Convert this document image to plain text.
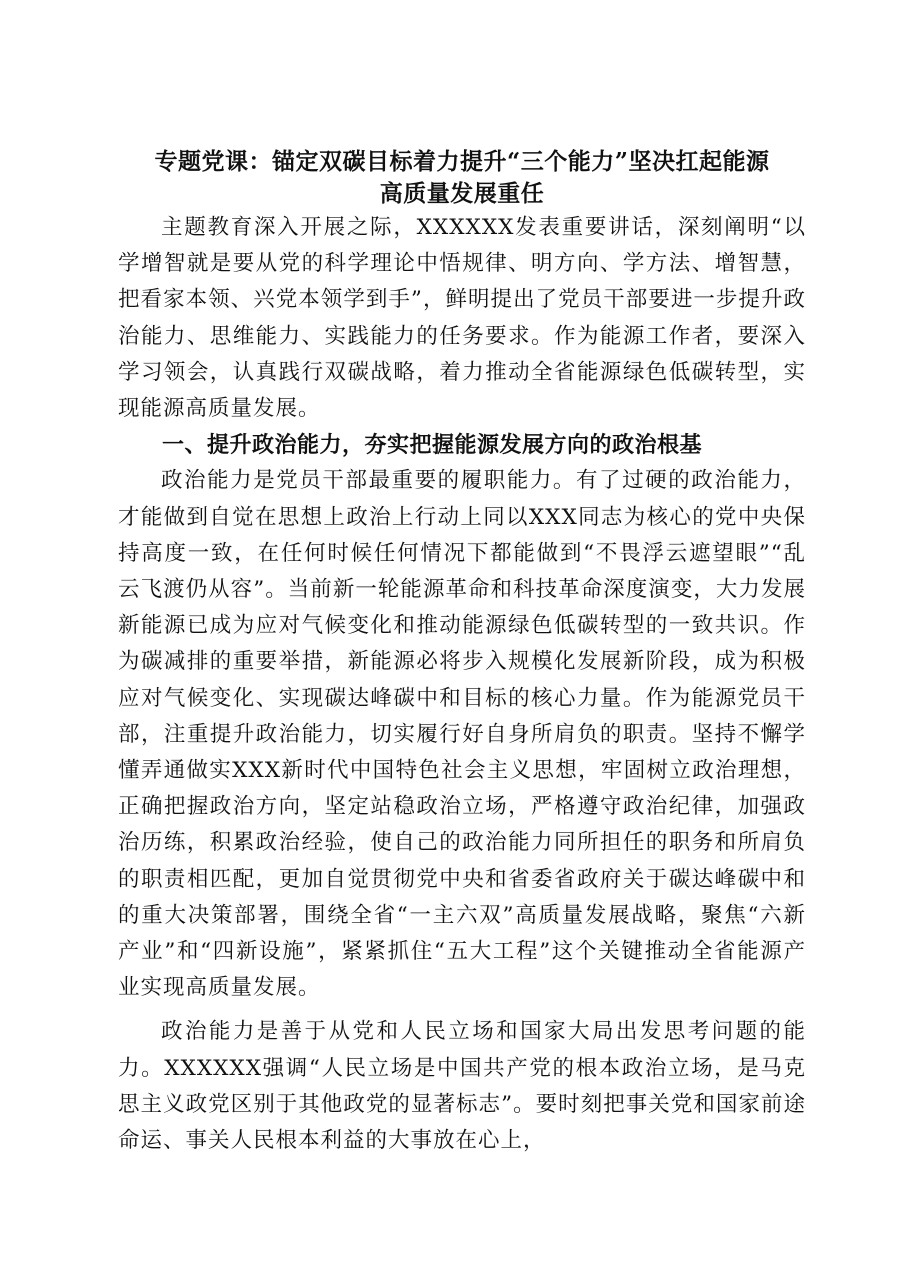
专题党课：锚定双碳目标着力提升“三个能力”坚决扛起能源
高质量发展重任

主题教育深入开展之际，XXXXXX发表重要讲话，深刻阐明“以学增智就是要从党的科学理论中悟规律、明方向、学方法、增智慧，把看家本领、兴党本领学到手”，鲜明提出了党员干部要进一步提升政治能力、思维能力、实践能力的任务要求。作为能源工作者，要深入学习领会，认真践行双碳战略，着力推动全省能源绿色低碳转型，实现能源高质量发展。

一、提升政治能力，夯实把握能源发展方向的政治根基

政治能力是党员干部最重要的履职能力。有了过硬的政治能力，才能做到自觉在思想上政治上行动上同以XXX同志为核心的党中央保持高度一致，在任何时候任何情况下都能做到“不畏浮云遮望眼”“乱云飞渡仍从容”。当前新一轮能源革命和科技革命深度演变，大力发展新能源已成为应对气候变化和推动能源绿色低碳转型的一致共识。作为碳减排的重要举措，新能源必将步入规模化发展新阶段，成为积极应对气候变化、实现碳达峰碳中和目标的核心力量。作为能源党员干部，注重提升政治能力，切实履行好自身所肩负的职责。坚持不懈学懂弄通做实XXX新时代中国特色社会主义思想，牢固树立政治理想，正确把握政治方向，坚定站稳政治立场，严格遵守政治纪律，加强政治历练，积累政治经验，使自己的政治能力同所担任的职务和所肩负的职责相匹配，更加自觉贯彻党中央和省委省政府关于碳达峰碳中和的重大决策部署，围绕全省“一主六双”高质量发展战略，聚焦“六新产业”和“四新设施”，紧紧抓住“五大工程”这个关键推动全省能源产业实现高质量发展。

政治能力是善于从党和人民立场和国家大局出发思考问题的能力。XXXXXX强调“人民立场是中国共产党的根本政治立场，是马克思主义政党区别于其他政党的显著标志”。要时刻把事关党和国家前途命运、事关人民根本利益的大事放在心上，
